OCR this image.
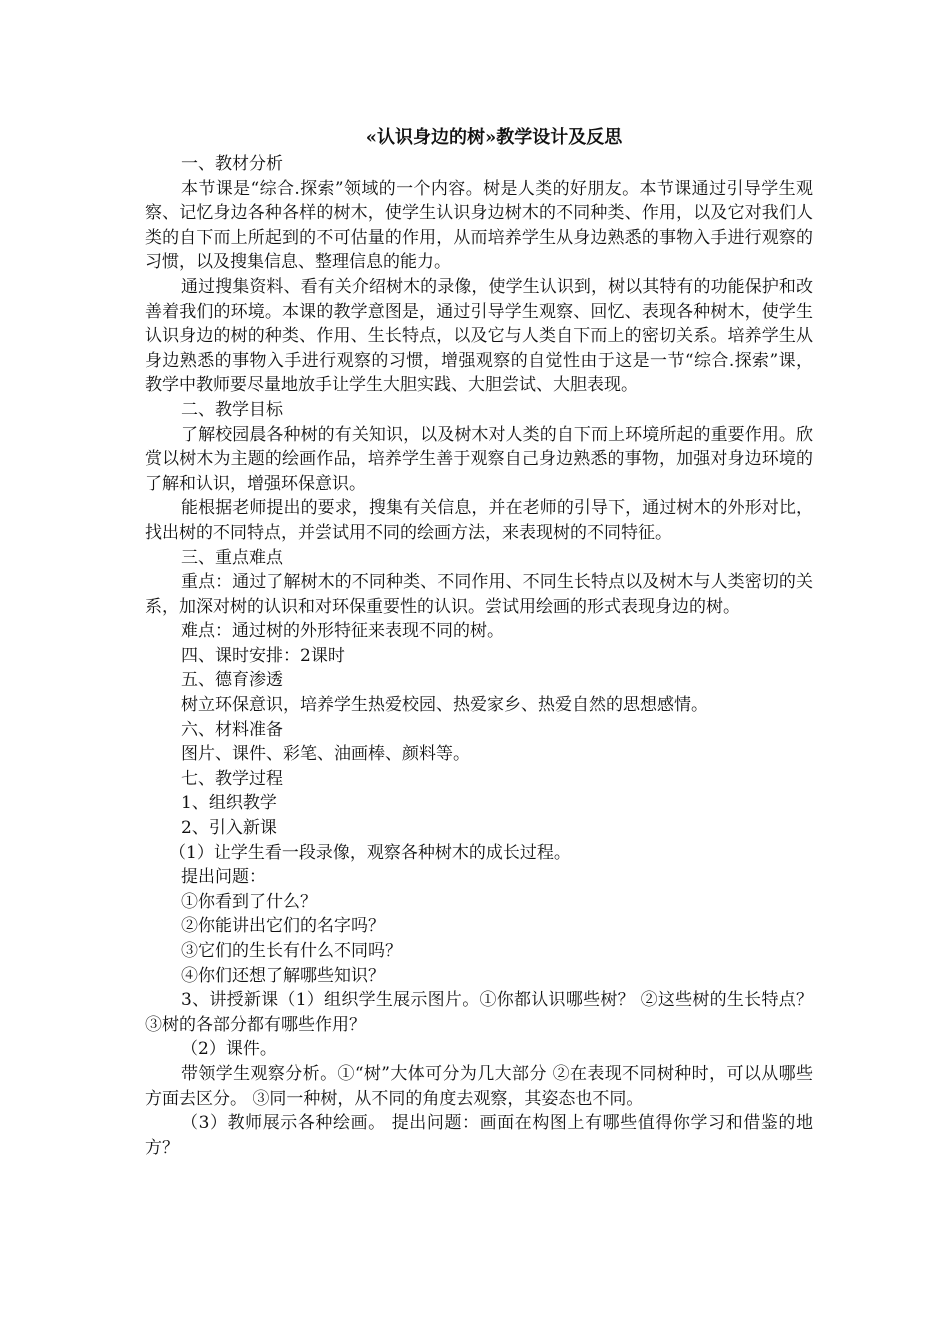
«认识身边的树»教学设计及反思

一、教材分析

本节课是“综合.探索”领域的一个内容。树是人类的好朋友。本节课通过引导学生观察、记忆身边各种各样的树木，使学生认识身边树木的不同种类、作用，以及它对我们人类的自下而上所起到的不可估量的作用，从而培养学生从身边熟悉的事物入手进行观察的习惯，以及搜集信息、整理信息的能力。

通过搜集资料、看有关介绍树木的录像，使学生认识到，树以其特有的功能保护和改善着我们的环境。本课的教学意图是，通过引导学生观察、回忆、表现各种树木，使学生认识身边的树的种类、作用、生长特点，以及它与人类自下而上的密切关系。培养学生从身边熟悉的事物入手进行观察的习惯，增强观察的自觉性由于这是一节“综合.探索”课，教学中教师要尽量地放手让学生大胆实践、大胆尝试、大胆表现。

二、教学目标

了解校园晨各种树的有关知识，以及树木对人类的自下而上环境所起的重要作用。欣赏以树木为主题的绘画作品，培养学生善于观察自己身边熟悉的事物，加强对身边环境的了解和认识，增强环保意识。

能根据老师提出的要求，搜集有关信息，并在老师的引导下，通过树木的外形对比，找出树的不同特点，并尝试用不同的绘画方法，来表现树的不同特征。

三、重点难点

重点：通过了解树木的不同种类、不同作用、不同生长特点以及树木与人类密切的关系，加深对树的认识和对环保重要性的认识。尝试用绘画的形式表现身边的树。

难点：通过树的外形特征来表现不同的树。

四、课时安排：2课时

五、德育渗透

树立环保意识，培养学生热爱校园、热爱家乡、热爱自然的思想感情。

六、材料准备

图片、课件、彩笔、油画棒、颜料等。

七、教学过程

1、组织教学

2、引入新课

（1）让学生看一段录像，观察各种树木的成长过程。

提出问题：

①你看到了什么？

②你能讲出它们的名字吗？

③它们的生长有什么不同吗？

④你们还想了解哪些知识？

3、讲授新课（1）组织学生展示图片。①你都认识哪些树？ ②这些树的生长特点？③树的各部分都有哪些作用？

（2）课件。

带领学生观察分析。①“树”大体可分为几大部分 ②在表现不同树种时，可以从哪些方面去区分。 ③同一种树，从不同的角度去观察，其姿态也不同。

（3）教师展示各种绘画。 提出问题：画面在构图上有哪些值得你学习和借鉴的地方？
